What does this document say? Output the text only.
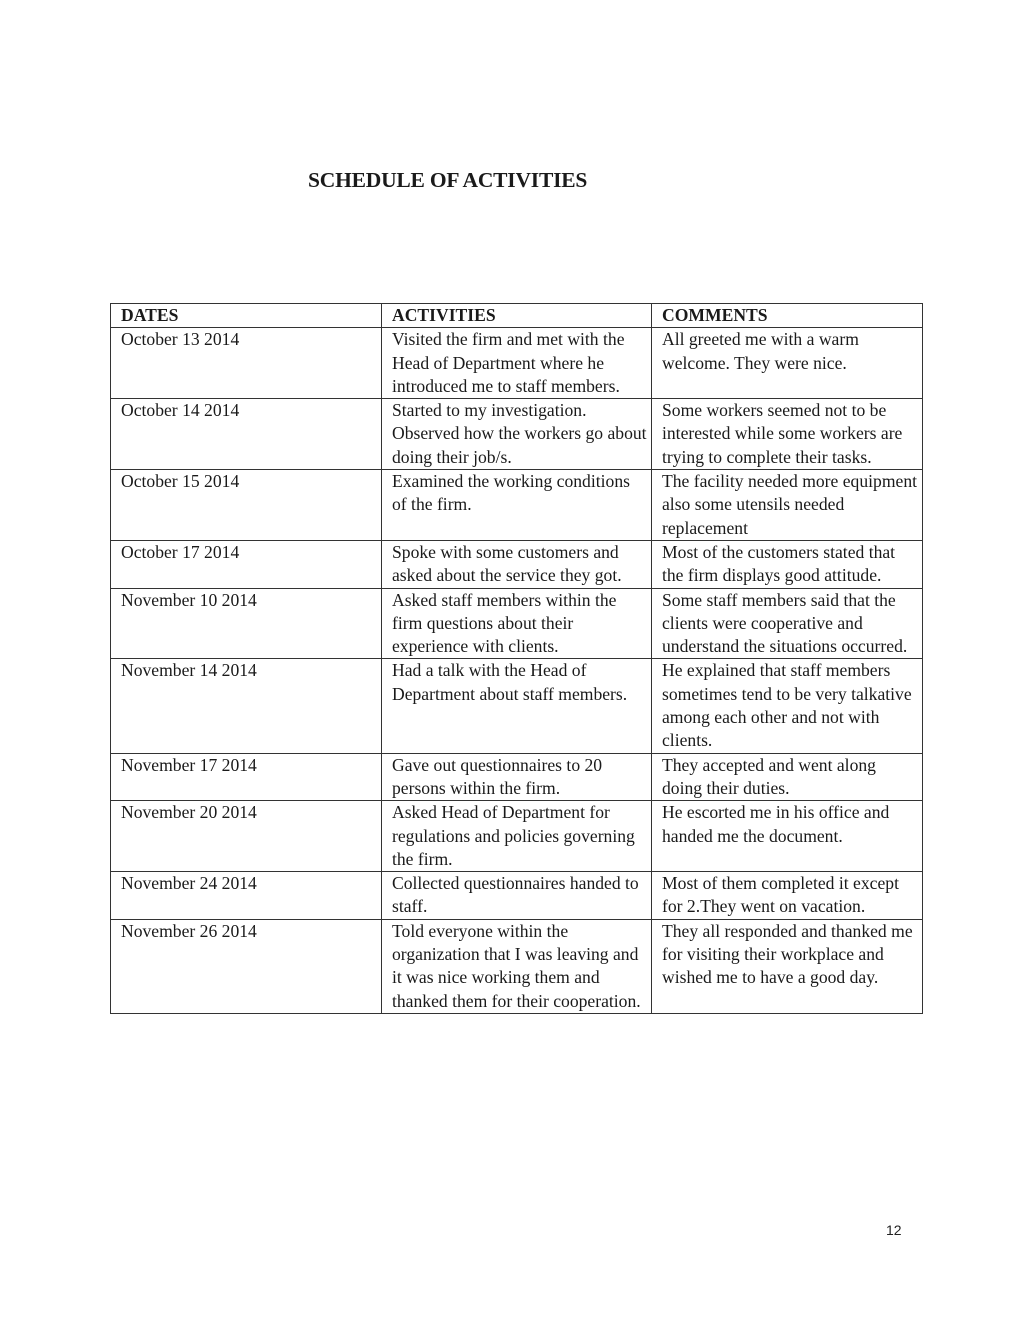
SCHEDULE OF ACTIVITIES
DATES	ACTIVITIES	COMMENTS
October 13 2014	Visited the firm and met with the Head of Department where he introduced me to staff members.	All greeted me with a warm welcome. They were nice.
October 14 2014	Started to my investigation. Observed how the workers go about doing their job/s.	Some workers seemed not to be interested while some workers are trying to complete their tasks.
October 15 2014	Examined the working conditions of the firm.	The facility needed more equipment also some utensils needed replacement
October 17 2014	Spoke with some customers and asked about the service they got.	Most of the customers stated that the firm displays good attitude.
November 10 2014	Asked staff members within the firm questions about their experience with clients.	Some staff members said that the clients were cooperative and understand the situations occurred.
November 14 2014	Had a talk with the Head of Department about staff members.	He explained that staff members sometimes tend to be very talkative among each other and not with clients.
November 17 2014	Gave out questionnaires to 20 persons within the firm.	They accepted and went along doing their duties.
November 20 2014	Asked Head of Department for regulations and policies governing the firm.	He escorted me in his office and handed me the document.
November 24 2014	Collected questionnaires handed to staff.	Most of them completed it except for 2.They went on vacation.
November 26 2014	Told everyone within the organization that I was leaving and it was nice working them and thanked them for their cooperation.	They all responded and thanked me for visiting their workplace and wished me to have a good day.
12
